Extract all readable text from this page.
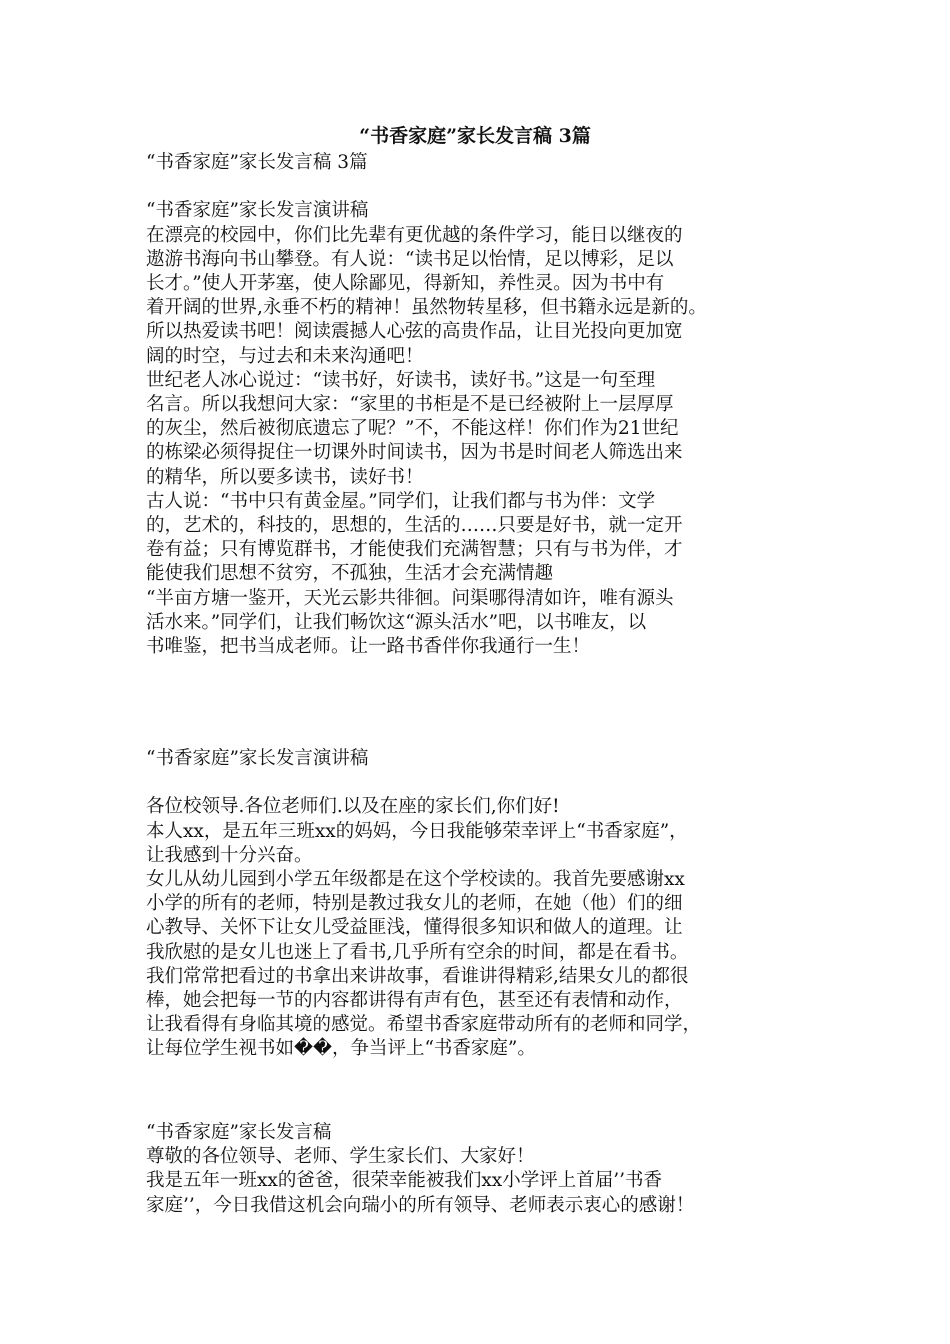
“书香家庭”家长发言稿 3篇
“书香家庭”家长发言稿 3篇

“书香家庭”家长发言演讲稿
在漂亮的校园中，你们比先辈有更优越的条件学习，能日以继夜的
遨游书海向书山攀登。有人说：“读书足以怡情，足以博彩，足以
长才。”使人开茅塞，使人除鄙见，得新知，养性灵。因为书中有
着开阔的世界,永垂不朽的精神！虽然物转星移，但书籍永远是新的。
所以热爱读书吧！阅读震撼人心弦的高贵作品，让目光投向更加宽
阔的时空，与过去和未来沟通吧！
世纪老人冰心说过：“读书好，好读书，读好书。”这是一句至理
名言。所以我想问大家：“家里的书柜是不是已经被附上一层厚厚
的灰尘，然后被彻底遗忘了呢？”不，不能这样！你们作为21世纪
的栋梁必须得捉住一切课外时间读书，因为书是时间老人筛选出来
的精华，所以要多读书，读好书！
古人说：“书中只有黄金屋。”同学们，让我们都与书为伴：文学
的，艺术的，科技的，思想的，生活的……只要是好书，就一定开
卷有益；只有博览群书，才能使我们充满智慧；只有与书为伴，才
能使我们思想不贫穷，不孤独，生活才会充满情趣
“半亩方塘一鉴开，天光云影共徘徊。问渠哪得清如许，唯有源头
活水来。”同学们，让我们畅饮这“源头活水”吧，以书唯友，以
书唯鉴，把书当成老师。让一路书香伴你我通行一生！
“书香家庭”家长发言演讲稿

各位校领导.各位老师们.以及在座的家长们,你们好!
本人xx，是五年三班xx的妈妈，今日我能够荣幸评上“书香家庭”，
让我感到十分兴奋。
女儿从幼儿园到小学五年级都是在这个学校读的。我首先要感谢xx
小学的所有的老师，特别是教过我女儿的老师，在她（他）们的细
心教导、关怀下让女儿受益匪浅，懂得很多知识和做人的道理。让
我欣慰的是女儿也迷上了看书,几乎所有空余的时间，都是在看书。
我们常常把看过的书拿出来讲故事，看谁讲得精彩,结果女儿的都很
棒，她会把每一节的内容都讲得有声有色，甚至还有表情和动作，
让我看得有身临其境的感觉。希望书香家庭带动所有的老师和同学，
让每位学生视书如��，争当评上“书香家庭”。
“书香家庭”家长发言稿
尊敬的各位领导、老师、学生家长们、大家好！
我是五年一班xx的爸爸，很荣幸能被我们xx小学评上首届’’书香
家庭’’，今日我借这机会向瑞小的所有领导、老师表示衷心的感谢！
